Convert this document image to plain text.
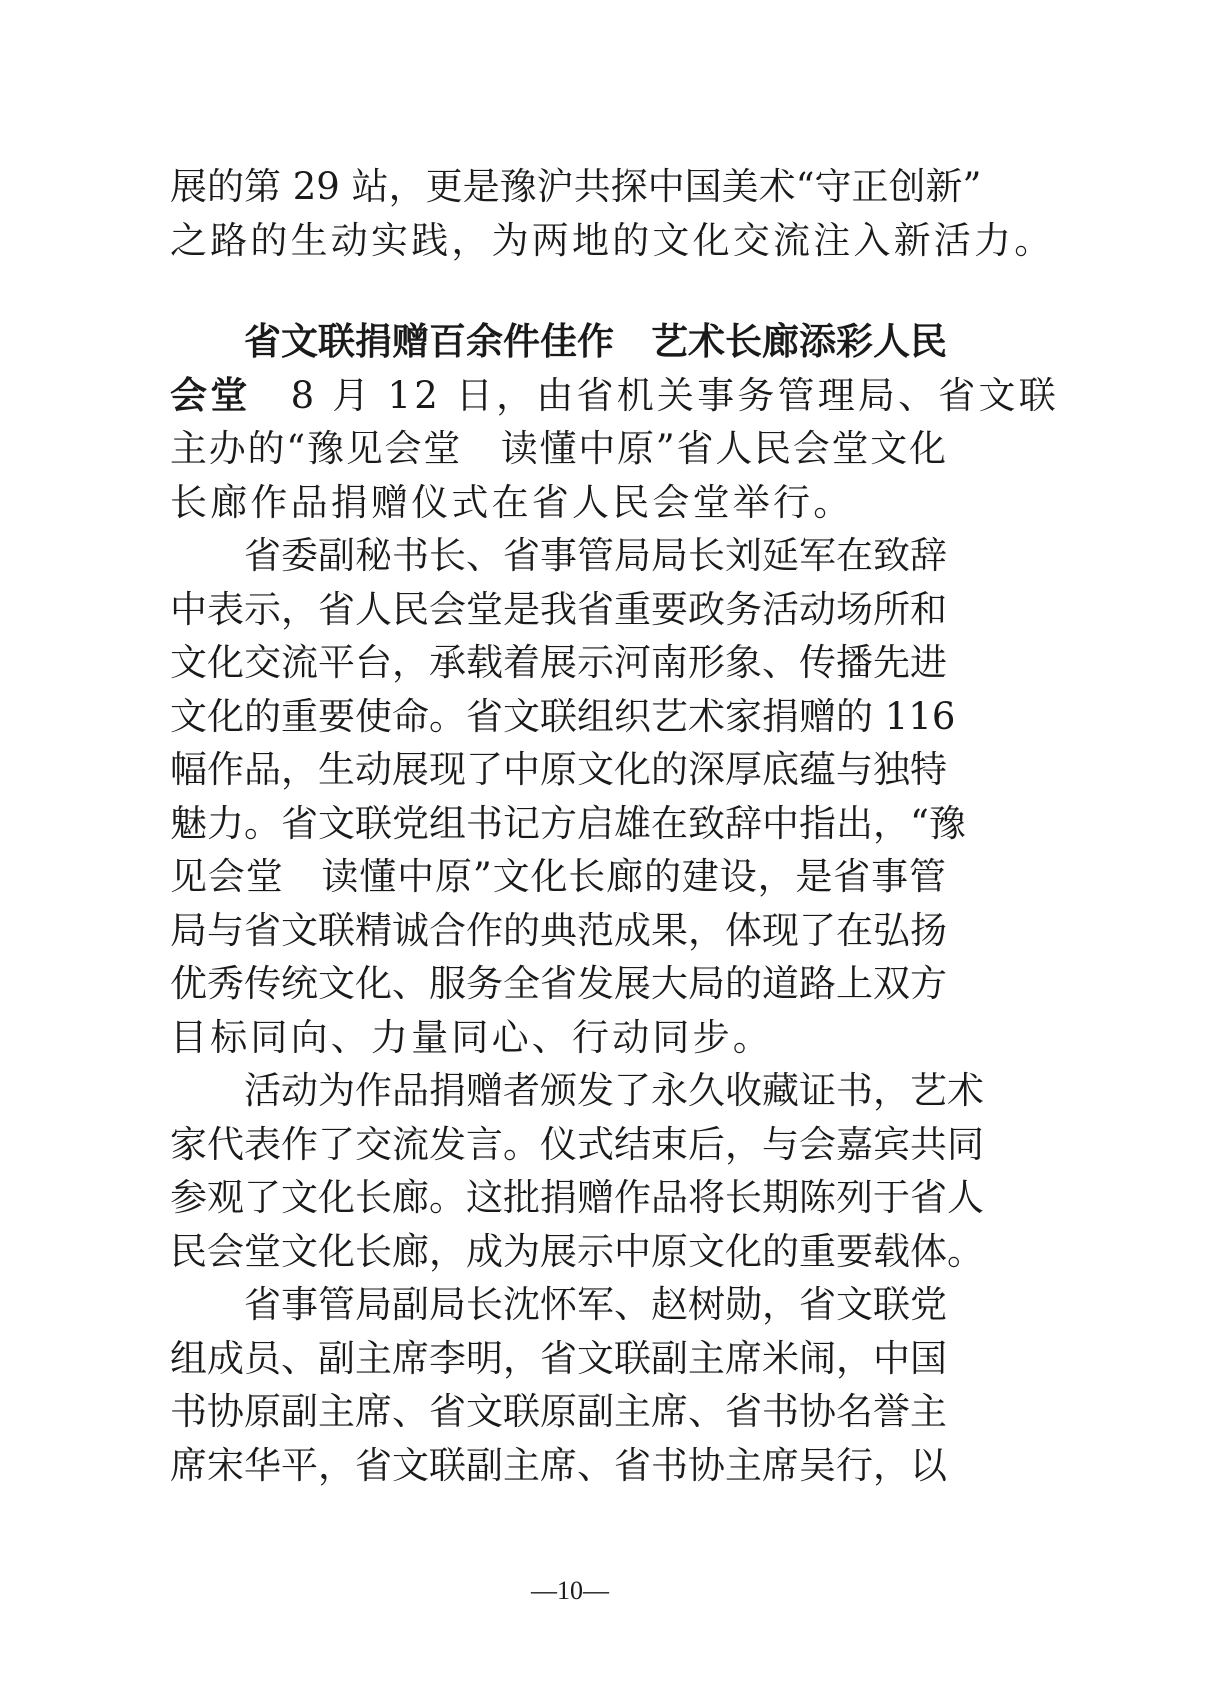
展的第 29 站，更是豫沪共探中国美术“守正创新”
之路的生动实践，为两地的文化交流注入新活力。
省文联捐赠百余件佳作　艺术长廊添彩人民
会堂　8 月 12 日，由省机关事务管理局、省文联
主办的“豫见会堂　读懂中原”省人民会堂文化
长廊作品捐赠仪式在省人民会堂举行。
省委副秘书长、省事管局局长刘延军在致辞
中表示，省人民会堂是我省重要政务活动场所和
文化交流平台，承载着展示河南形象、传播先进
文化的重要使命。省文联组织艺术家捐赠的 116
幅作品，生动展现了中原文化的深厚底蕴与独特
魅力。省文联党组书记方启雄在致辞中指出，“豫
见会堂　读懂中原”文化长廊的建设，是省事管
局与省文联精诚合作的典范成果，体现了在弘扬
优秀传统文化、服务全省发展大局的道路上双方
目标同向、力量同心、行动同步。
活动为作品捐赠者颁发了永久收藏证书，艺术
家代表作了交流发言。仪式结束后，与会嘉宾共同
参观了文化长廊。这批捐赠作品将长期陈列于省人
民会堂文化长廊，成为展示中原文化的重要载体。
省事管局副局长沈怀军、赵树勋，省文联党
组成员、副主席李明，省文联副主席米闹，中国
书协原副主席、省文联原副主席、省书协名誉主
席宋华平，省文联副主席、省书协主席吴行，以
—10—
